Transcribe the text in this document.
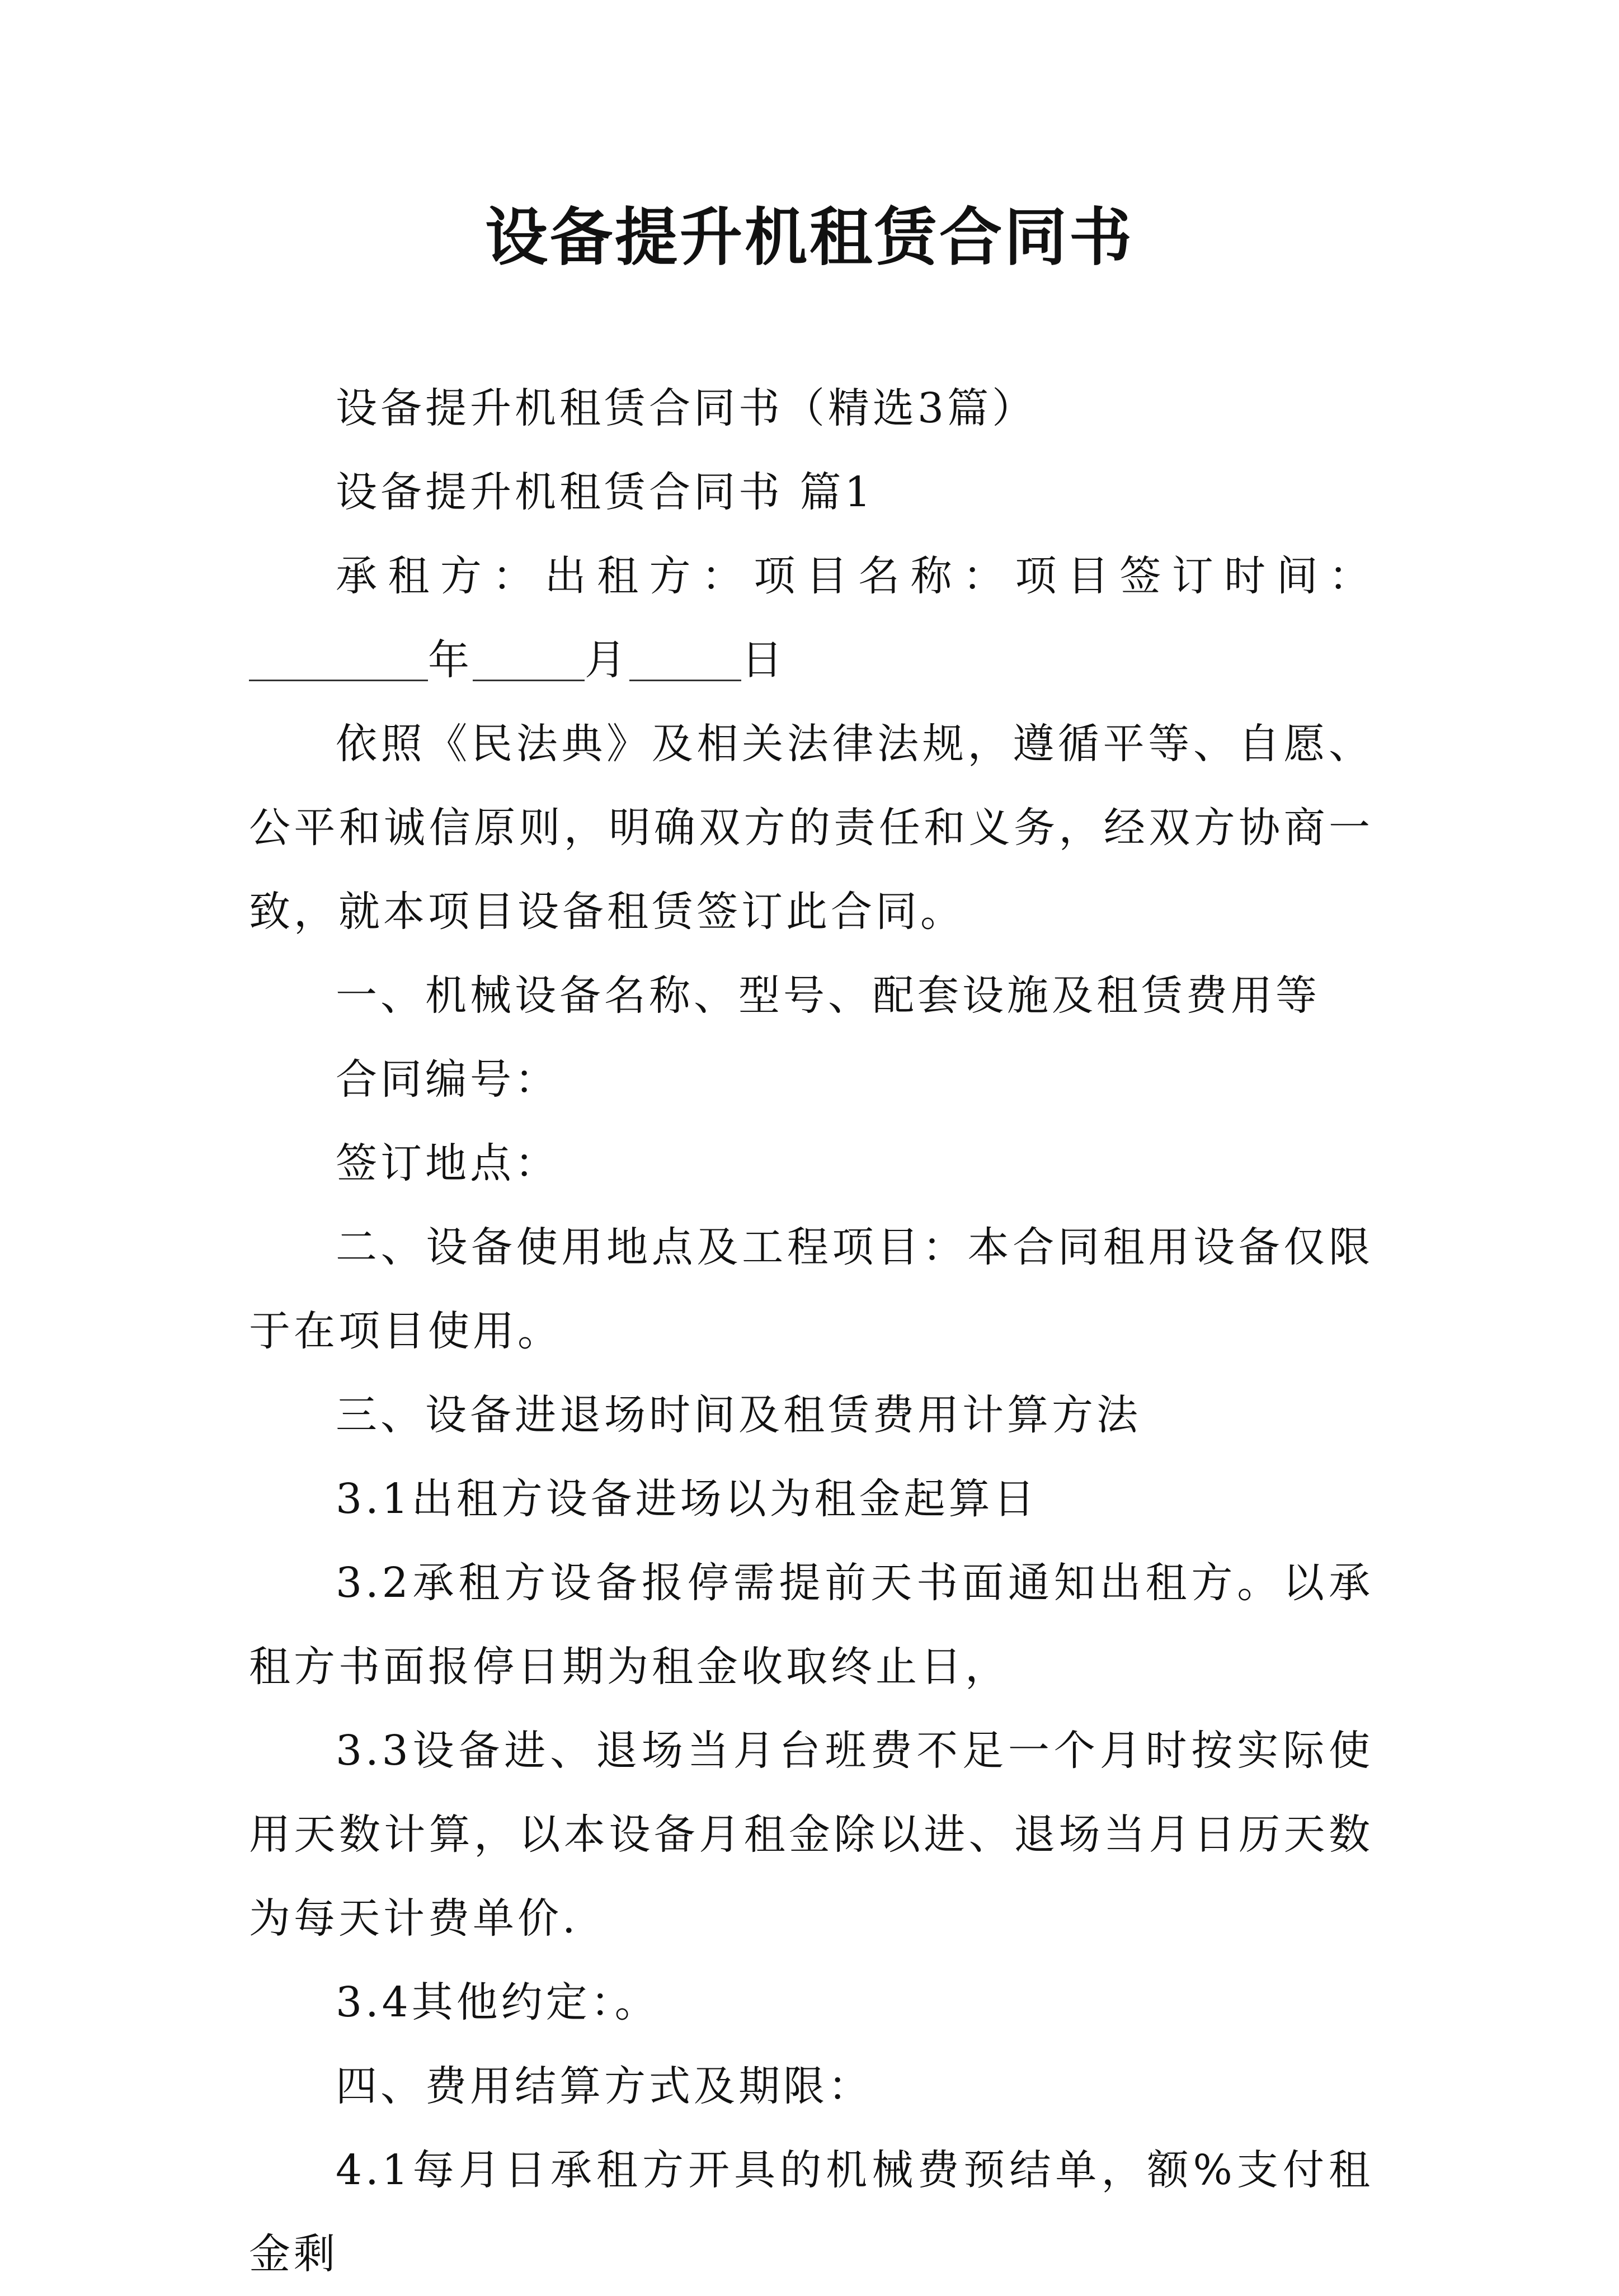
设备提升机租赁合同书

设备提升机租赁合同书（精选3篇）

设备提升机租赁合同书 篇1

承租方：出租方：项目名称：项目签订时间：年	月	日

依照《民法典》及相关法律法规，遵循平等、自愿、公平和诚信原则，明确双方的责任和义务，经双方协商一致，就本项目设备租赁签订此合同。

一、机械设备名称、型号、配套设施及租赁费用等

合同编号：

签订地点：

二、设备使用地点及工程项目：本合同租用设备仅限于在项目使用。

三、设备进退场时间及租赁费用计算方法

3.1出租方设备进场以为租金起算日

3.2承租方设备报停需提前天书面通知出租方。以承租方书面报停日期为租金收取终止日，

3.3设备进、退场当月台班费不足一个月时按实际使用天数计算，以本设备月租金除以进、退场当月日历天数为每天计费单价.

3.4其他约定：。

四、费用结算方式及期限：

4.1每月日承租方开具的机械费预结单，额%支付租金剩
